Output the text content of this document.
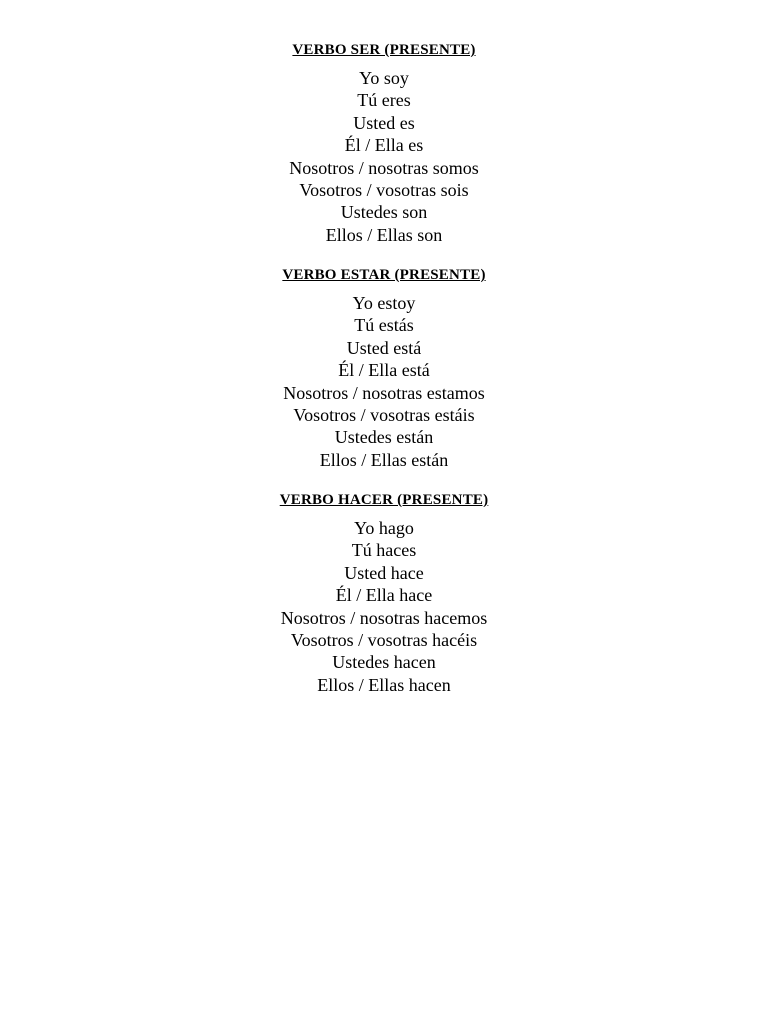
VERBO SER (PRESENTE)
Yo soy
Tú eres
Usted es
Él / Ella es
Nosotros / nosotras somos
Vosotros / vosotras sois
Ustedes son
Ellos / Ellas son
VERBO ESTAR (PRESENTE)
Yo estoy
Tú estás
Usted está
Él / Ella está
Nosotros / nosotras estamos
Vosotros / vosotras estáis
Ustedes están
Ellos / Ellas están
VERBO HACER (PRESENTE)
Yo hago
Tú haces
Usted hace
Él / Ella hace
Nosotros / nosotras hacemos
Vosotros / vosotras hacéis
Ustedes hacen
Ellos / Ellas hacen
